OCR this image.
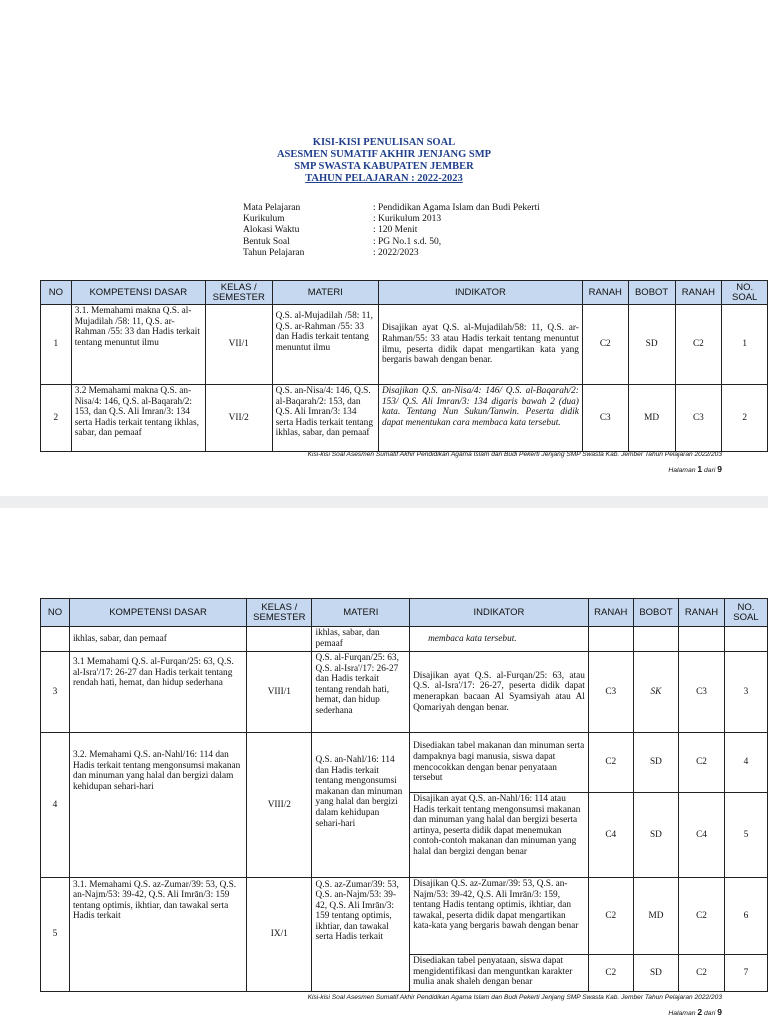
KISI-KISI PENULISAN SOAL
ASESMEN SUMATIF AKHIR JENJANG SMP
SMP SWASTA KABUPATEN JEMBER
TAHUN PELAJARAN : 2022-2023
Mata Pelajaran	: Pendidikan Agama Islam dan Budi Pekerti
Kurikulum	: Kurikulum 2013
Alokasi Waktu	: 120 Menit
Bentuk Soal	: PG No.1 s.d. 50,
Tahun Pelajaran	: 2022/2023
NO	KOMPETENSI DASAR	KELAS / SEMESTER	MATERI	INDIKATOR	RANAH	BOBOT	RANAH	NO. SOAL
1	3.1. Memahami makna Q.S. al-Mujadilah /58: 11, Q.S. ar-Rahman /55: 33 dan Hadis terkait tentang menuntut ilmu	VII/1	Q.S. al-Mujadilah /58: 11, Q.S. ar-Rahman /55: 33 dan Hadis terkait tentang menuntut ilmu	Disajikan ayat Q.S. al-Mujadilah/58: 11, Q.S. ar-Rahman/55: 33 atau Hadis terkait tentang menuntut ilmu, peserta didik dapat mengartikan kata yang bergaris bawah dengan benar.	C2	SD	C2	1
2	3.2 Memahami makna Q.S. an-Nisa/4: 146, Q.S. al-Baqarah/2: 153, dan Q.S. Ali Imran/3: 134 serta Hadis terkait tentang ikhlas, sabar, dan pemaaf	VII/2	Q.S. an-Nisa/4: 146, Q.S. al-Baqarah/2: 153, dan Q.S. Ali Imran/3: 134 serta Hadis terkait tentang ikhlas, sabar, dan pemaaf	Disajikan Q.S. an-Nisa/4: 146/ Q.S. al-Baqarah/2: 153/ Q.S. Ali Imran/3: 134 digaris bawah 2 (dua) kata. Tentang Nun Sukun/Tanwin. Peserta didik dapat menentukan cara membaca kata tersebut.	C3	MD	C3	2
Kisi-kisi Soal Asesmen Sumatif Akhir Pendidikan Agama Islam dan Budi Pekerti Jenjang SMP Swasta Kab. Jember Tahun Pelajaran 2022/203
Halaman 1 dari 9
NO	KOMPETENSI DASAR	KELAS / SEMESTER	MATERI	INDIKATOR	RANAH	BOBOT	RANAH	NO. SOAL
	ikhlas, sabar, dan pemaaf		ikhlas, sabar, dan pemaaf	membaca kata tersebut.				
3	3.1 Memahami Q.S. al-Furqan/25: 63, Q.S. al-Isra'/17: 26-27 dan Hadis terkait tentang rendah hati, hemat, dan hidup sederhana	VIII/1	Q.S. al-Furqan/25: 63, Q.S. al-Isra'/17: 26-27 dan Hadis terkait tentang rendah hati, hemat, dan hidup sederhana	Disajikan ayat Q.S. al-Furqan/25: 63, atau Q.S. al-Isra'/17: 26-27, peserta didik dapat menerapkan bacaan Al Syamsiyah atau Al Qomariyah dengan benar.	C3	SK	C3	3
4	3.2. Memahami Q.S. an-Nahl/16: 114 dan Hadis terkait tentang mengonsumsi makanan dan minuman yang halal dan bergizi dalam kehidupan sehari-hari	VIII/2	Q.S. an-Nahl/16: 114 dan Hadis terkait tentang mengonsumsi makanan dan minuman yang halal dan bergizi dalam kehidupan sehari-hari	Disediakan tabel makanan dan minuman serta dampaknya bagi manusia, siswa dapat mencocokkan dengan benar penyataan tersebut	C2	SD	C2	4

				Disajikan ayat Q.S. an-Nahl/16: 114 atau Hadis terkait tentang mengonsumsi makanan dan minuman yang halal dan bergizi beserta artinya, peserta didik dapat menemukan contoh-contoh makanan dan minuman yang halal dan bergizi dengan benar	C4	SD	C4	5
5	3.1. Memahami Q.S. az-Zumar/39: 53, Q.S. an-Najm/53: 39-42, Q.S. Ali Imrān/3: 159 tentang optimis, ikhtiar, dan tawakal serta Hadis terkait	IX/1	Q.S. az-Zumar/39: 53, Q.S. an-Najm/53: 39-42, Q.S. Ali Imrān/3: 159 tentang optimis, ikhtiar, dan tawakal serta Hadis terkait	Disajikan Q.S. az-Zumar/39: 53, Q.S. an-Najm/53: 39-42, Q.S. Ali Imrān/3: 159, tentang Hadis tentang optimis, ikhtiar, dan tawakal, peserta didik dapat mengartikan kata-kata yang bergaris bawah dengan benar	C2	MD	C2	6

				Disediakan tabel penyataan, siswa dapat mengidentifikasi dan menguntkan karakter mulia anak shaleh dengan benar	C2	SD	C2	7
Kisi-kisi Soal Asesmen Sumatif Akhir Pendidikan Agama Islam dan Budi Pekerti Jenjang SMP Swasta Kab. Jember Tahun Pelajaran 2022/203
Halaman 2 dari 9
